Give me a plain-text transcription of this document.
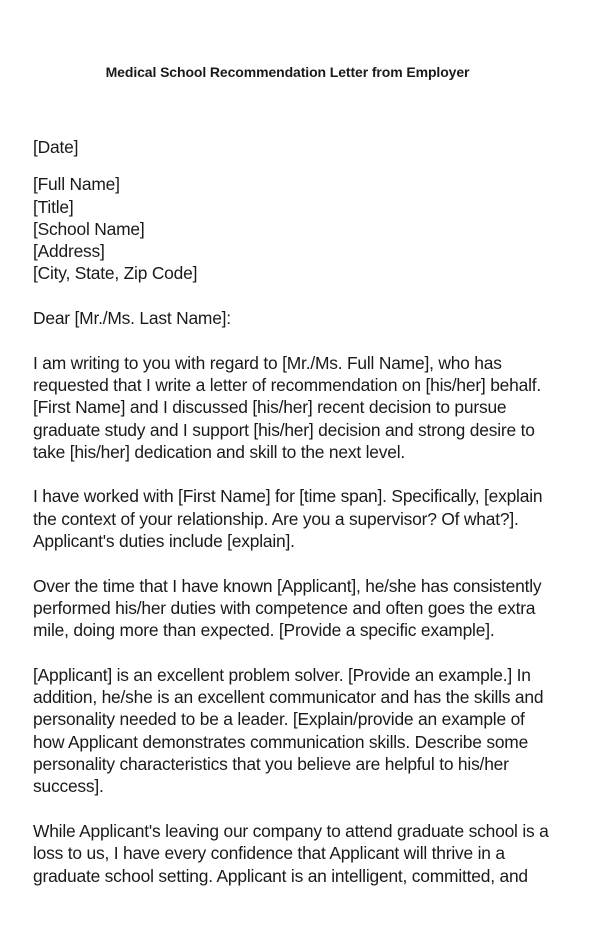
Medical School Recommendation Letter from Employer
[Date]
[Full Name]
[Title]
[School Name]
[Address]
[City, State, Zip Code]
Dear [Mr./Ms. Last Name]:
I am writing to you with regard to [Mr./Ms. Full Name], who has
requested that I write a letter of recommendation on [his/her] behalf.
[First Name] and I discussed [his/her] recent decision to pursue
graduate study and I support [his/her] decision and strong desire to
take [his/her] dedication and skill to the next level.
I have worked with [First Name] for [time span]. Specifically, [explain
the context of your relationship. Are you a supervisor? Of what?].
Applicant's duties include [explain].
Over the time that I have known [Applicant], he/she has consistently
performed his/her duties with competence and often goes the extra
mile, doing more than expected. [Provide a specific example].
[Applicant] is an excellent problem solver. [Provide an example.] In
addition, he/she is an excellent communicator and has the skills and
personality needed to be a leader. [Explain/provide an example of
how Applicant demonstrates communication skills. Describe some
personality characteristics that you believe are helpful to his/her
success].
While Applicant's leaving our company to attend graduate school is a
loss to us, I have every confidence that Applicant will thrive in a
graduate school setting. Applicant is an intelligent, committed, and
